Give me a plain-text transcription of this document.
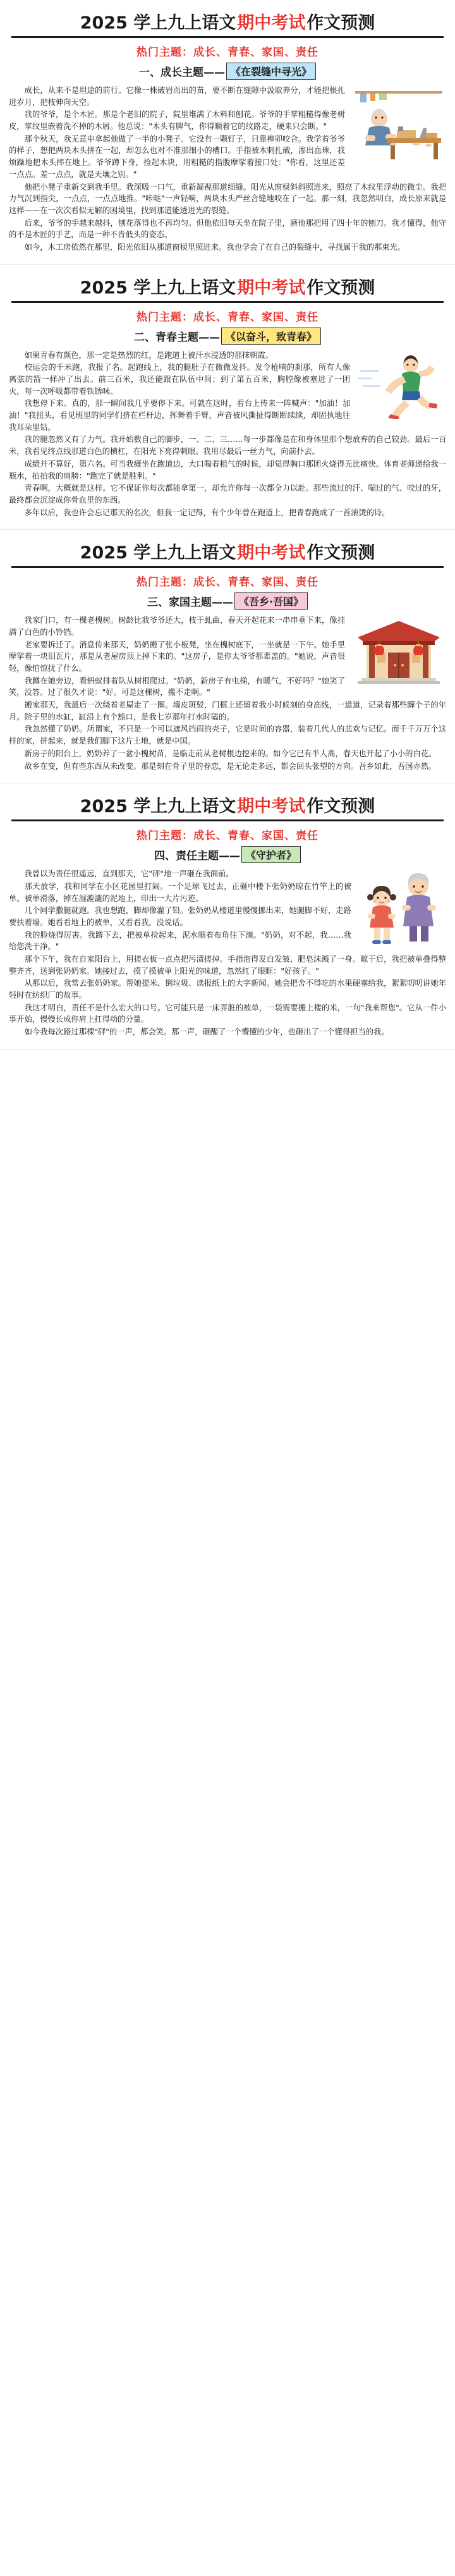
2025 学上九上语文 期中考试 作文预测
热门主题：成长、青春、家国、责任
一、成长主题—— 《在裂缝中寻光》

成长，从来不是坦途的前行。它像一株破岩而出的苗，要不断在缝隙中汲取养分，才能把根扎进岁月，把枝伸向天空。

我的爷爷，是个木匠。那是个老旧的院子，院里堆满了木料和刨花。爷爷的手掌粗糙得像老树皮，掌纹里嵌着洗不掉的木屑。他总说："木头有脾气，你得顺着它的纹路走，硬来只会断。"

那个秋天，我无意中拿起他做了一半的小凳子。它没有一颗钉子，只靠榫卯咬合。我学着爷爷的样子，想把两块木头拼在一起，却怎么也对不准那细小的槽口。手指被木刺扎破，渗出血珠，我烦躁地把木头摔在地上。爷爷蹲下身，捡起木块，用粗糙的指腹摩挲着接口处："你看，这里还差一点点。差一点点，就是天壤之别。"

他把小凳子重新交到我手里。我深吸一口气，重新凝视那道细缝。阳光从窗棂斜斜照进来，照亮了木纹里浮动的微尘。我把力气沉到指尖，一点点，一点点地推。"咔哒"一声轻响，两块木头严丝合缝地咬在了一起。那一刻，我忽然明白，成长原来就是这样——在一次次看似无解的困境里，找到那道能透进光的裂缝。

后来，爷爷的手越来越抖，刨花落得也不再均匀。但他依旧每天坐在院子里，磨他那把用了四十年的刨刀。我才懂得，他守的不是木匠的手艺，而是一种不肯低头的姿态。

如今，木工房依然在那里，阳光依旧从那道窗棂里照进来。我也学会了在自己的裂缝中，寻找属于我的那束光。

2025 学上九上语文 期中考试 作文预测
热门主题：成长、青春、家国、责任
二、青春主题—— 《以奋斗，致青春》

如果青春有颜色，那一定是热烈的红，是跑道上被汗水浸透的那抹朝霞。

校运会的千米跑，我报了名。起跑线上，我的腿肚子在微微发抖。发令枪响的刹那，所有人像离弦的箭一样冲了出去。前三百米，我还能跟在队伍中间；到了第五百米，胸腔像被塞进了一团火，每一次呼吸都带着铁锈味。

我想停下来。真的，那一瞬间我几乎要停下来。可就在这时，看台上传来一阵喊声："加油！加油！"我扭头，看见班里的同学们挤在栏杆边，挥舞着手臂，声音被风撕扯得断断续续，却固执地往我耳朵里钻。

我的腿忽然又有了力气。我开始数自己的脚步，一、二、三……每一步都像是在和身体里那个想放弃的自己较劲。最后一百米，我看见终点线那道白色的横杠，在阳光下亮得刺眼。我用尽最后一丝力气，向前扑去。

成绩并不算好，第六名。可当我瘫坐在跑道边，大口喘着粗气的时候，却觉得胸口那团火烧得无比痛快。体育老师递给我一瓶水，拍拍我的肩膀："跑完了就是胜利。"

青春啊，大概就是这样。它不保证你每次都能拿第一，却允许你每一次都全力以赴。那些流过的汗、喘过的气、咬过的牙，最终都会沉淀成你骨血里的东西。

多年以后，我也许会忘记那天的名次，但我一定记得，有个少年曾在跑道上，把青春跑成了一首滚烫的诗。

2025 学上九上语文 期中考试 作文预测
热门主题：成长、青春、家国、责任
三、家国主题—— 《吾乡·吾国》

我家门口，有一棵老槐树。树龄比我爷爷还大，枝干虬曲，春天开起花来一串串垂下来，像挂满了白色的小铃铛。

老家要拆迁了。消息传来那天，奶奶搬了张小板凳，坐在槐树底下，一坐就是一下午。她手里摩挲着一块旧瓦片，那是从老屋房顶上掉下来的。"这房子，是你太爷爷那辈盖的。"她说，声音很轻，像怕惊扰了什么。

我蹲在她旁边，看蚂蚁排着队从树根爬过。"奶奶，新房子有电梯，有暖气，不好吗？"她笑了笑，没答。过了很久才说："好。可是这棵树，搬不走啊。"

搬家那天，我最后一次绕着老屋走了一圈。墙皮斑驳，门框上还留着我小时候刻的身高线，一道道，记录着那些蹿个子的年月。院子里的水缸，缸沿上有个豁口，是我七岁那年打水时磕的。

我忽然懂了奶奶。所谓家，不只是一个可以遮风挡雨的壳子，它是时间的容器，装着几代人的悲欢与记忆。而千千万万个这样的家，拼起来，就是我们脚下这片土地，就是中国。

新房子的阳台上，奶奶养了一盆小槐树苗，是临走前从老树根边挖来的。如今它已有半人高，春天也开起了小小的白花。

故乡在变，但有些东西从未改变。那是刻在骨子里的眷恋，是无论走多远，都会回头张望的方向。吾乡如此，吾国亦然。

2025 学上九上语文 期中考试 作文预测
热门主题：成长、青春、家国、责任
四、责任主题—— 《守护者》

我曾以为责任很遥远，直到那天，它"砰"地一声砸在我面前。

那天放学，我和同学在小区花园里打闹。一个足球飞过去，正砸中楼下张奶奶晾在竹竿上的被单。被单滑落，掉在湿漉漉的泥地上，印出一大片污迹。

几个同学撒腿就跑。我也想跑，脚却像灌了铅。张奶奶从楼道里慢慢挪出来，她腿脚不好，走路要扶着墙。她看看地上的被单，又看看我，没说话。

我的脸烧得厉害。我蹲下去，把被单捡起来，泥水顺着布角往下滴。"奶奶，对不起，我……我给您洗干净。"

那个下午，我在自家阳台上，用搓衣板一点点把污渍搓掉。手指泡得发白发皱，肥皂沫溅了一身。晾干后，我把被单叠得整整齐齐，送到张奶奶家。她接过去，摸了摸被单上阳光的味道，忽然红了眼眶："好孩子。"

从那以后，我常去张奶奶家。帮她提米、倒垃圾、读报纸上的大字新闻。她会把舍不得吃的水果硬塞给我，絮絮叨叨讲她年轻时在纺织厂的故事。

我这才明白，责任不是什么宏大的口号。它可能只是一床弄脏的被单，一袋需要搬上楼的米，一句"我来帮您"。它从一件小事开始，慢慢长成你肩上扛得动的分量。

如今我每次路过那棵"砰"的一声，都会笑。那一声，砸醒了一个懵懂的少年，也砸出了一个懂得担当的我。
